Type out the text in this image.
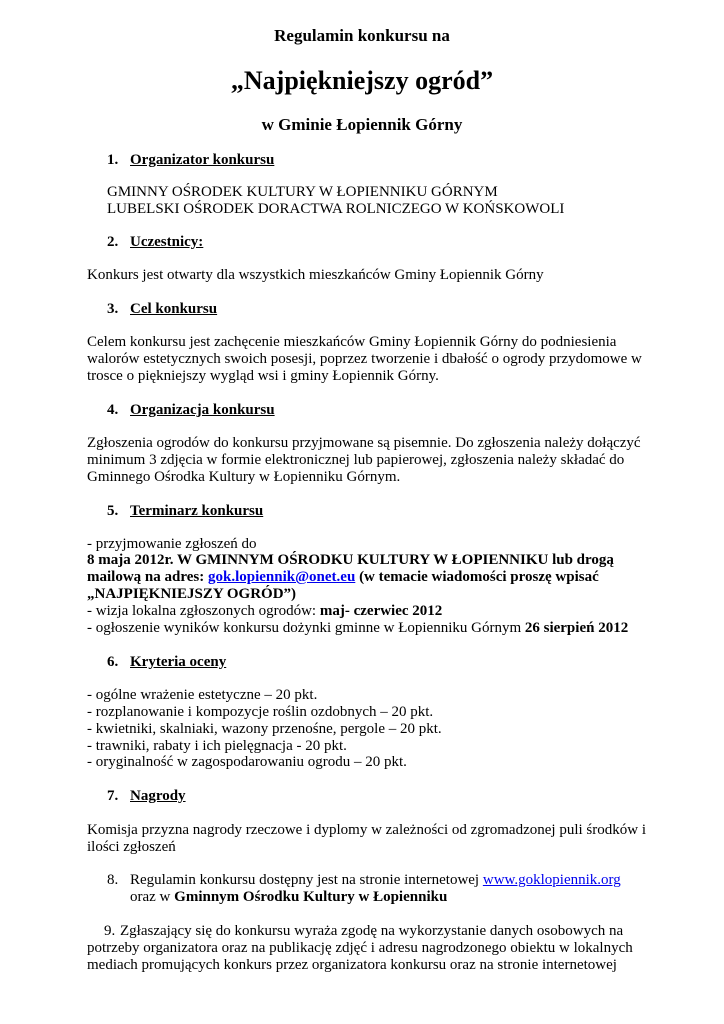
Regulamin konkursu na
„Najpiękniejszy ogród”
w Gminie Łopiennik Górny
1. Organizator konkursu
GMINNY OŚRODEK KULTURY W ŁOPIENNIKU GÓRNYM
LUBELSKI OŚRODEK DORACTWA ROLNICZEGO W KOŃSKOWOLI
2. Uczestnicy:
Konkurs jest otwarty dla wszystkich mieszkańców Gminy Łopiennik Górny
3. Cel konkursu
Celem konkursu jest zachęcenie mieszkańców Gminy Łopiennik Górny do podniesienia
walorów estetycznych swoich posesji, poprzez tworzenie i dbałość o ogrody przydomowe w
trosce o piękniejszy wygląd wsi i gminy Łopiennik Górny.
4. Organizacja konkursu
Zgłoszenia ogrodów do konkursu przyjmowane są pisemnie. Do zgłoszenia należy dołączyć
minimum 3 zdjęcia w formie elektronicznej lub papierowej, zgłoszenia należy składać do
Gminnego Ośrodka Kultury w Łopienniku Górnym.
5. Terminarz konkursu
- przyjmowanie zgłoszeń do
8 maja 2012r. W GMINNYM OŚRODKU KULTURY W ŁOPIENNIKU lub drogą
mailową na adres: gok.lopiennik@onet.eu (w temacie wiadomości proszę wpisać
„NAJPIĘKNIEJSZY OGRÓD”)
- wizja lokalna zgłoszonych ogrodów: maj- czerwiec 2012
- ogłoszenie wyników konkursu dożynki gminne w Łopienniku Górnym 26 sierpień 2012
6. Kryteria oceny
- ogólne wrażenie estetyczne – 20 pkt.
- rozplanowanie i kompozycje roślin ozdobnych – 20 pkt.
- kwietniki, skalniaki, wazony przenośne, pergole – 20 pkt.
- trawniki, rabaty i ich pielęgnacja - 20 pkt.
- oryginalność w zagospodarowaniu ogrodu – 20 pkt.
7. Nagrody
Komisja przyzna nagrody rzeczowe i dyplomy w zależności od zgromadzonej puli środków i
ilości zgłoszeń
8. Regulamin konkursu dostępny jest na stronie internetowej www.goklopiennik.org
oraz w Gminnym Ośrodku Kultury w Łopienniku
9. Zgłaszający się do konkursu wyraża zgodę na wykorzystanie danych osobowych na
potrzeby organizatora oraz na publikację zdjęć i adresu nagrodzonego obiektu w lokalnych
mediach promujących konkurs przez organizatora konkursu oraz na stronie internetowej
